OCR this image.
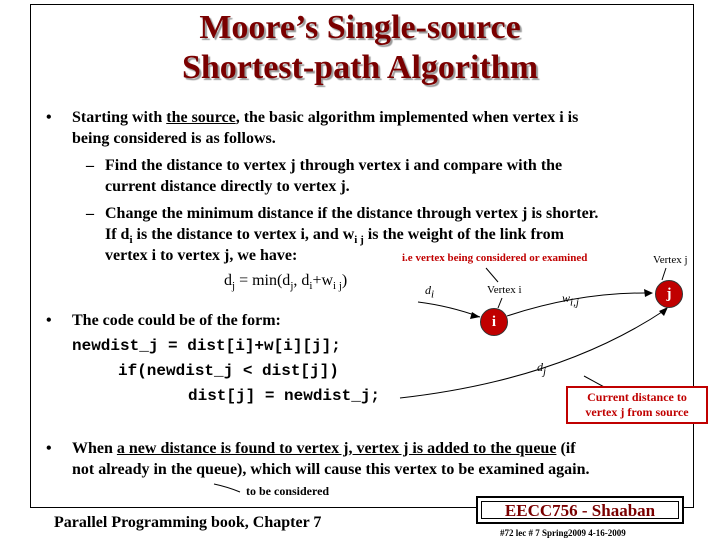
Moore’s Single-source
Shortest-path Algorithm
• Starting with the source, the basic algorithm implemented when vertex i is
being considered is as follows.
– Find the distance to vertex j through vertex i and compare with the
current distance directly to vertex j.
– Change the minimum distance if the distance through vertex j is shorter.
If $d_i$ is the distance to vertex i, and $w_{i j}$ is the weight of the link from
vertex i to vertex j, we have:
$d_j = \min(d_j$, $d_i+w_{i j}$)
• The code could be of the form:
newdist_j = dist[i]+w[i][j];
if(newdist_j < dist[j])
dist[j] = newdist_j;
• When a new distance is found to vertex j, vertex j is added to the queue (if
not already in the queue), which will cause this vertex to be examined again.
i.e vertex being considered or examined	Vertex j
Vertex i
$d_i$	$w_{i,j}$
$d_j$
i
j
Current distance to vertex j from source
to be considered
Parallel Programming book, Chapter 7
EECC756 - Shaaban
#72 lec # 7 Spring2009 4-16-2009
